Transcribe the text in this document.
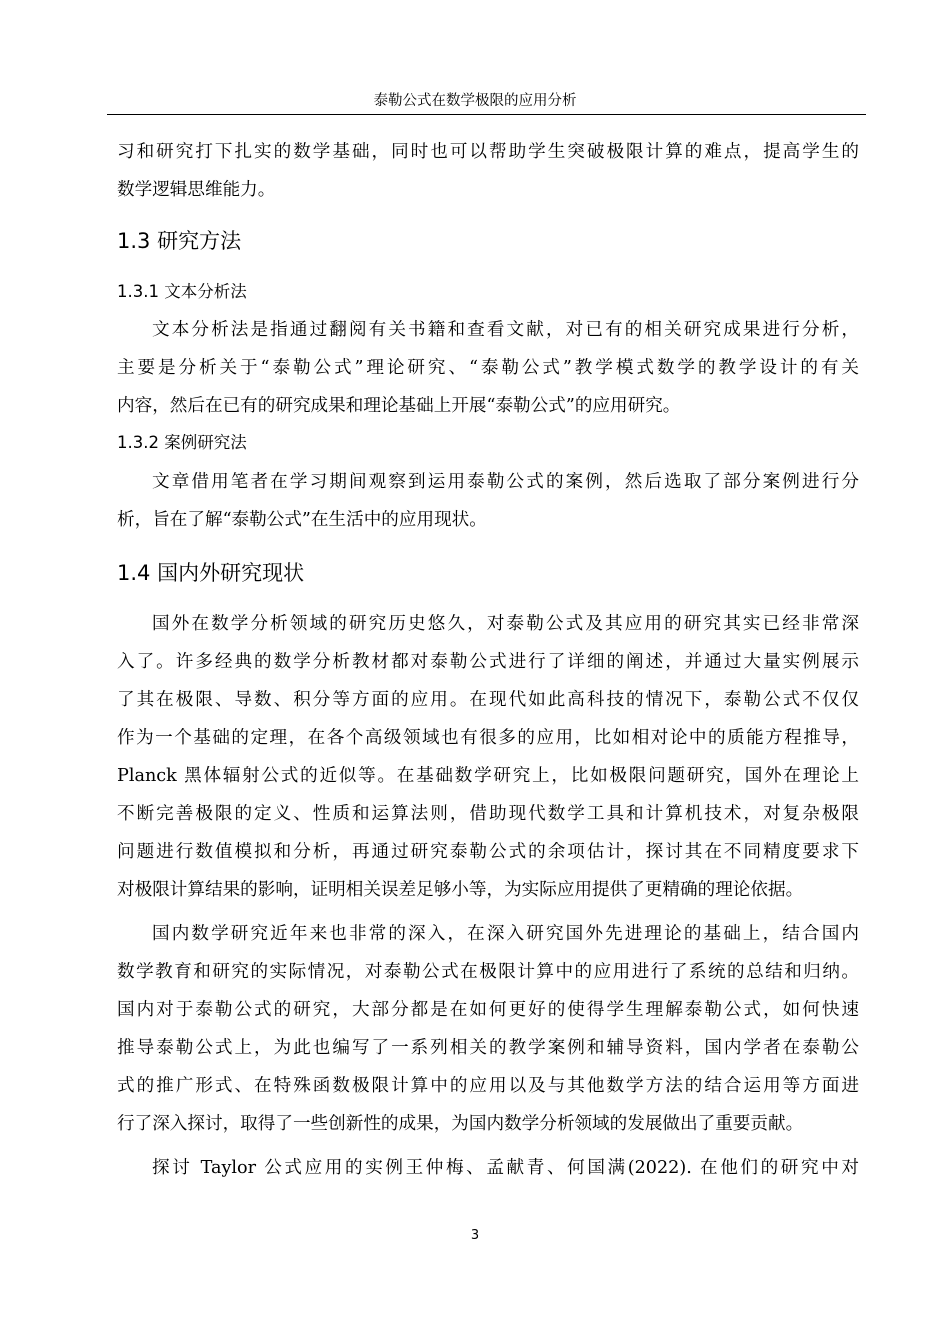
泰勒公式在数学极限的应用分析
习和研究打下扎实的数学基础，同时也可以帮助学生突破极限计算的难点，提高学生的
数学逻辑思维能力。
1.3 研究方法
1.3.1 文本分析法
文本分析法是指通过翻阅有关书籍和查看文献，对已有的相关研究成果进行分析，
主要是分析关于“泰勒公式”理论研究、“泰勒公式”教学模式数学的教学设计的有关
内容，然后在已有的研究成果和理论基础上开展“泰勒公式”的应用研究。
1.3.2 案例研究法
文章借用笔者在学习期间观察到运用泰勒公式的案例，然后选取了部分案例进行分
析，旨在了解“泰勒公式”在生活中的应用现状。
1.4 国内外研究现状
国外在数学分析领域的研究历史悠久，对泰勒公式及其应用的研究其实已经非常深
入了。许多经典的数学分析教材都对泰勒公式进行了详细的阐述，并通过大量实例展示
了其在极限、导数、积分等方面的应用。在现代如此高科技的情况下，泰勒公式不仅仅
作为一个基础的定理，在各个高级领域也有很多的应用，比如相对论中的质能方程推导，
Planck 黑体辐射公式的近似等。在基础数学研究上，比如极限问题研究，国外在理论上
不断完善极限的定义、性质和运算法则，借助现代数学工具和计算机技术，对复杂极限
问题进行数值模拟和分析，再通过研究泰勒公式的余项估计，探讨其在不同精度要求下
对极限计算结果的影响，证明相关误差足够小等，为实际应用提供了更精确的理论依据。
国内数学研究近年来也非常的深入，在深入研究国外先进理论的基础上，结合国内
数学教育和研究的实际情况，对泰勒公式在极限计算中的应用进行了系统的总结和归纳。
国内对于泰勒公式的研究，大部分都是在如何更好的使得学生理解泰勒公式，如何快速
推导泰勒公式上，为此也编写了一系列相关的教学案例和辅导资料，国内学者在泰勒公
式的推广形式、在特殊函数极限计算中的应用以及与其他数学方法的结合运用等方面进
行了深入探讨，取得了一些创新性的成果，为国内数学分析领域的发展做出了重要贡献。
探讨 Taylor 公式应用的实例王仲梅、孟献青、何国满(2022). 在他们的研究中对
3
